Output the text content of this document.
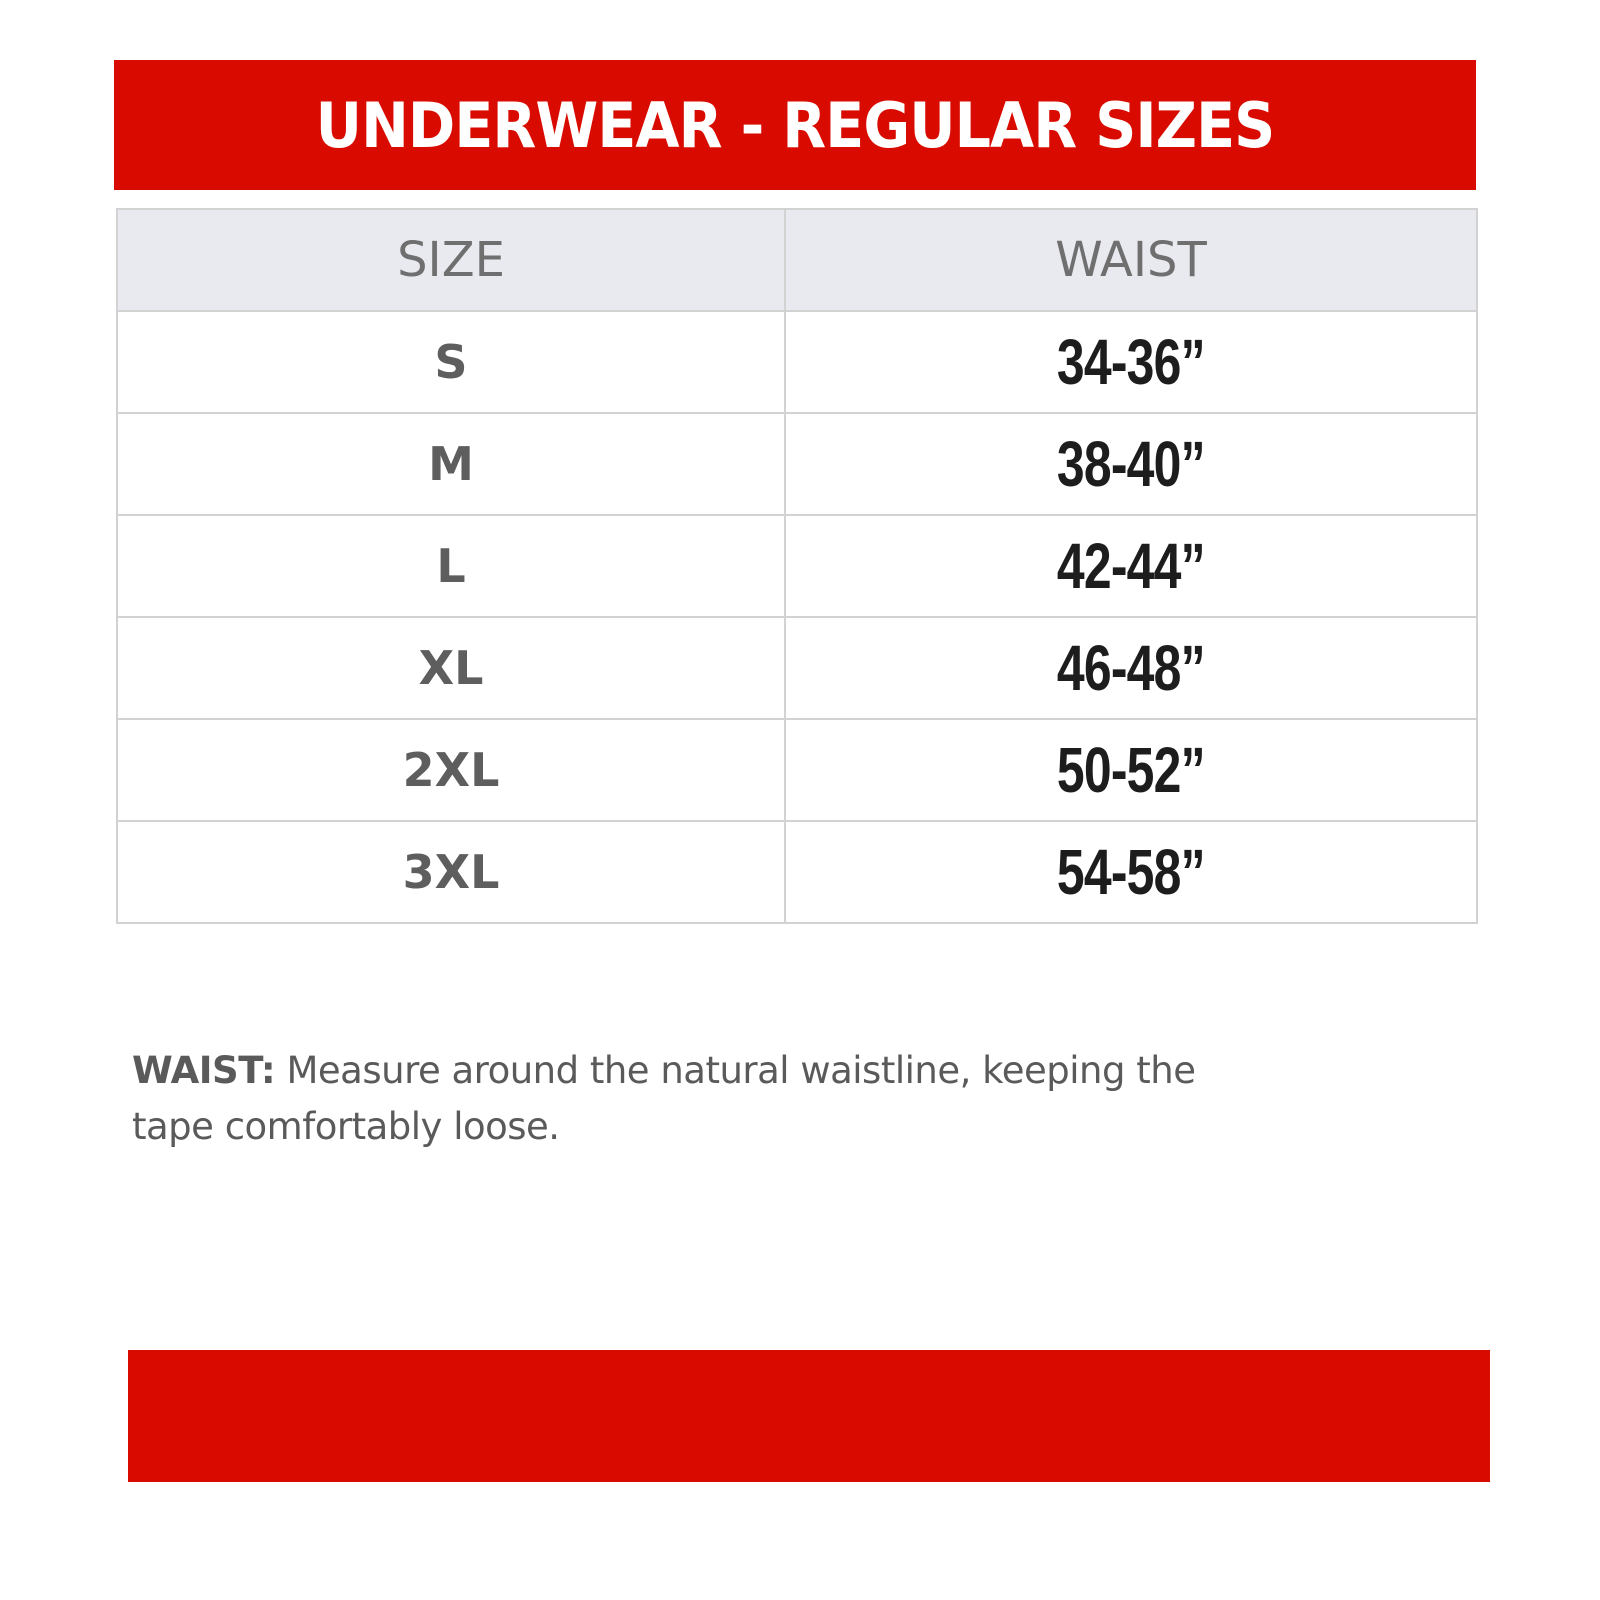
UNDERWEAR - REGULAR SIZES
SIZE	WAIST
S	34-36”
M	38-40”
L	42-44”
XL	46-48”
2XL	50-52”
3XL	54-58”
WAIST: Measure around the natural waistline, keeping the tape comfortably loose.
